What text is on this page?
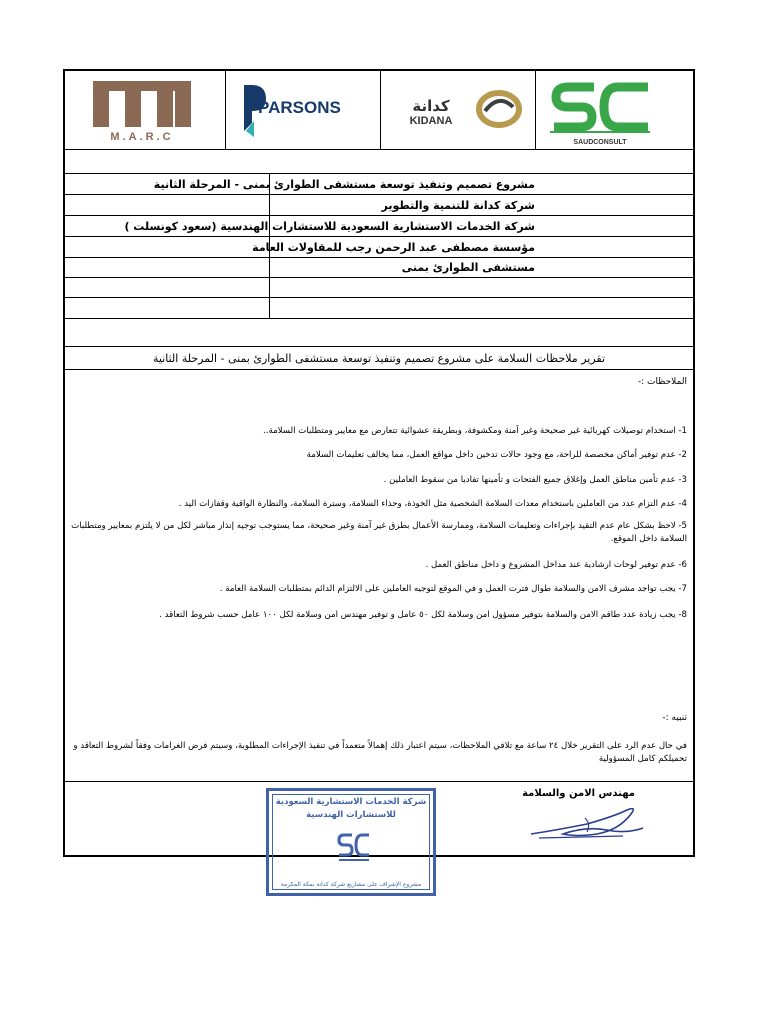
M.A.R.C
PARSONS	كدانة
KIDANA
SAUDCONSULT
مشروع تصميم وتنفيذ توسعة مستشفى الطوارئ بمنى - المرحلة الثانية
شركة كدانة للتنمية والتطوير
شركة الخدمات الاستشارية السعودية للاستشارات الهندسية (سعود كونسلت )
مؤسسة مصطفى عبد الرحمن رجب للمقاولات العامة
مستشفى الطوارئ بمنى
تقرير ملاحظات السلامة على مشروع تصميم وتنفيذ توسعة مستشفى الطوارئ بمنى - المرحلة الثانية
الملاحظات :-
1- استخدام توصيلات كهربائية غير صحيحة وغير آمنة ومكشوفة، وبطريقة عشوائية تتعارض مع معايير ومتطلبات السلامة..
2- عدم توفير أماكن مخصصة للراحة، مع وجود حالات تدخين داخل مواقع العمل، مما يخالف تعليمات السلامة
3- عدم تأمين مناطق العمل وإغلاق جميع الفتحات و تأمينها تفاديا من سقوط العاملين .
4- عدم التزام عدد من العاملين باستخدام معدات السلامة الشخصية مثل الخوذة، وحذاء السلامة، وسترة السلامة، والنظارة الواقية وقفازات اليد .
5- لاحظ بشكل عام عدم التقيد بإجراءات وتعليمات السلامة، وممارسة الأعمال بطرق غير آمنة وغير صحيحة، مما يستوجب توجيه إنذار مباشر لكل من لا يلتزم بمعايير ومتطلبات السلامة داخل الموقع.
6- عدم توفير لوحات ارشادية عند مداخل المشروع و داخل مناطق العمل .
7- يجب تواجد مشرف الامن والسلامة طوال فترت العمل و في الموقع لتوجيه العاملين على الالتزام الدائم بمتطلبات السلامة العامة .
8- يجب زيادة عدد طاقم الامن والسلامة بتوفير مسؤول امن وسلامة لكل ٥٠ عامل و توفير مهندس امن وسلامة لكل ١٠٠ عامل حسب شروط التعاقد .
تنبيه :-
في حال عدم الرد على التقرير خلال ٢٤ ساعة مع تلافي الملاحظات، سيتم اعتبار ذلك إهمالاً متعمداً في تنفيذ الإجراءات المطلوبة، وسيتم فرض الغرامات وفقاً لشروط التعاقد و تحميلكم كامل المسؤولية
مهندس الامن والسلامة
شركة الخدمات الاستشارية السعودية
للاستشارات الهندسية
مشروع الإشراف على مشاريع شركة كدانة بمكة المكرمة
